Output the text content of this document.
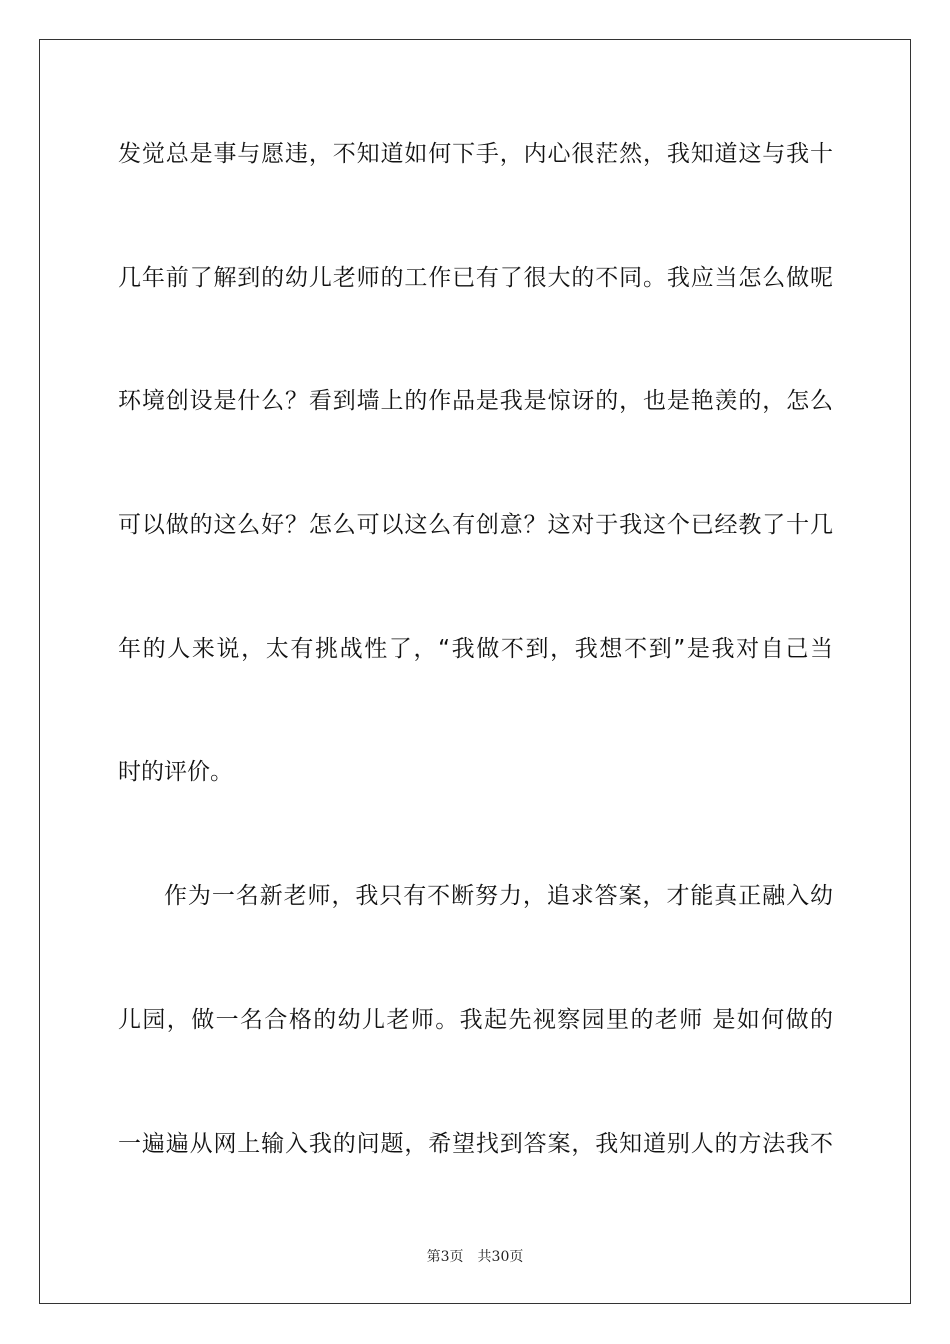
发觉总是事与愿违，不知道如何下手，内心很茫然，我知道这与我十
几年前了解到的幼儿老师的工作已有了很大的不同。我应当怎么做呢
环境创设是什么？看到墙上的作品是我是惊讶的，也是艳羡的，怎么
可以做的这么好？怎么可以这么有创意？这对于我这个已经教了十几
年的人来说，太有挑战性了，“我做不到，我想不到”是我对自己当
时的评价。
作为一名新老师，我只有不断努力，追求答案，才能真正融入幼
儿园，做一名合格的幼儿老师。我起先视察园里的老师 是如何做的
一遍遍从网上输入我的问题，希望找到答案，我知道别人的方法我不
第3页 共30页
